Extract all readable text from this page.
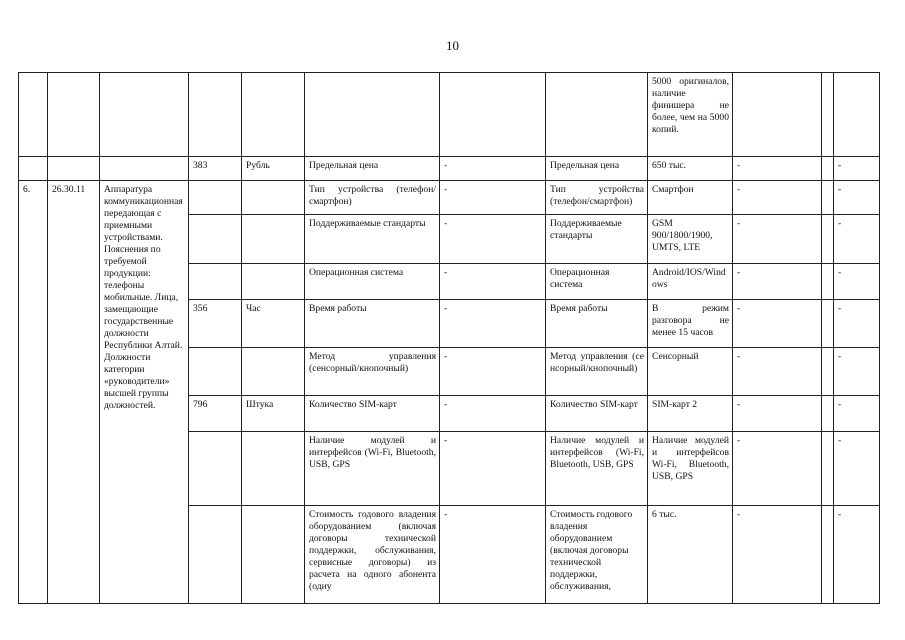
10
								5000 оригиналов, наличие финишера не более, чем на 5000 копий.			
			383	Рубль	Предельная цена	-	Предельная цена	650 тыс.	-		-
6.	26.30.11	Аппаратура коммуникационная передающая с приемными устройствами. Пояснения по требуемой продукции: телефоны мобильные. Лица, замещающие государственные должности Республики Алтай. Должности категории «руководители» высшей группы должностей.			Тип устройства (телефон/смартфон)	-	Тип устройства (телефон/смартфон)	Смартфон	-		-
					Поддерживаемые стандарты	-	Поддерживаемые стандарты	GSM 900/1800/1900, UMTS, LTE	-		-
					Операционная система	-	Операционная система	Android/IOS/Windows	-		-
			356	Час	Время работы	-	Время работы	В режим разговора не менее 15 часов	-		-
					Метод управления (сенсорный/кнопочный)	-	Метод управления (сенсорный/кнопочный)	Сенсорный	-		-
			796	Штука	Количество SIM-карт	-	Количество SIM-карт	SIM-карт 2	-		-
					Наличие модулей и интерфейсов (Wi-Fi, Bluetooth, USB, GPS	-	Наличие модулей и интерфейсов (Wi-Fi, Bluetooth, USB, GPS	Наличие модулей и интерфейсов Wi-Fi, Bluetooth, USB, GPS	-		-
					Стоимость годового владения оборудованием (включая договоры технической поддержки, обслуживания, сервисные договоры) из расчета на одного абонента (одну	-	Стоимость годового владения оборудованием (включая договоры технической поддержки, обслуживания,	6 тыс.	-		-
